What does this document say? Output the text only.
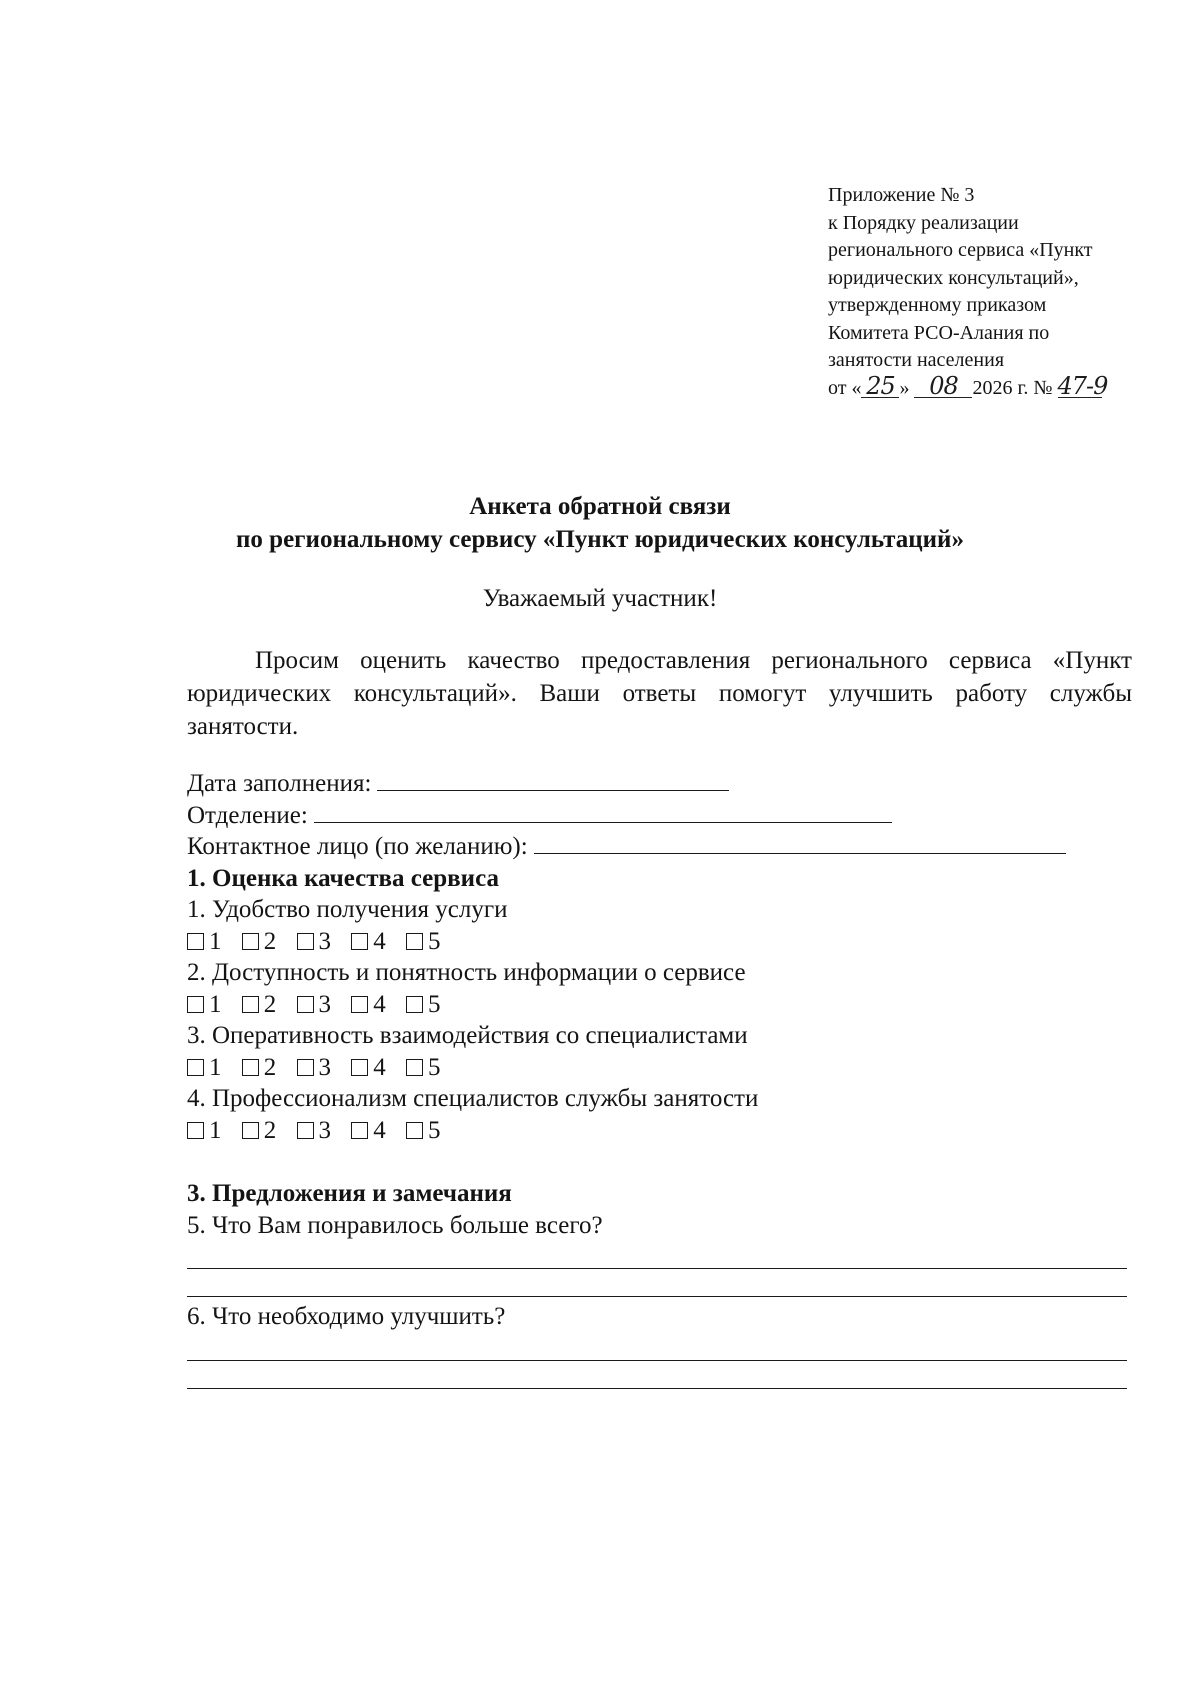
Приложение № 3
к Порядку реализации
регионального сервиса «Пункт
юридических консультаций»,
утвержденному приказом
Комитета РСО-Алания по
занятости населения
от « 25 » 08 2026 г. № 47-9
Анкета обратной связи
по региональному сервису «Пункт юридических консультаций»
Уважаемый участник!
Просим оценить качество предоставления регионального сервиса «Пункт юридических консультаций». Ваши ответы помогут улучшить работу службы занятости.
Дата заполнения:
Отделение:
Контактное лицо (по желанию):
1. Оценка качества сервиса
1. Удобство получения услуги
1 2 3 4 5
2. Доступность и понятность информации о сервисе
1 2 3 4 5
3. Оперативность взаимодействия со специалистами
1 2 3 4 5
4. Профессионализм специалистов службы занятости
1 2 3 4 5
3. Предложения и замечания
5. Что Вам понравилось больше всего?
6. Что необходимо улучшить?
